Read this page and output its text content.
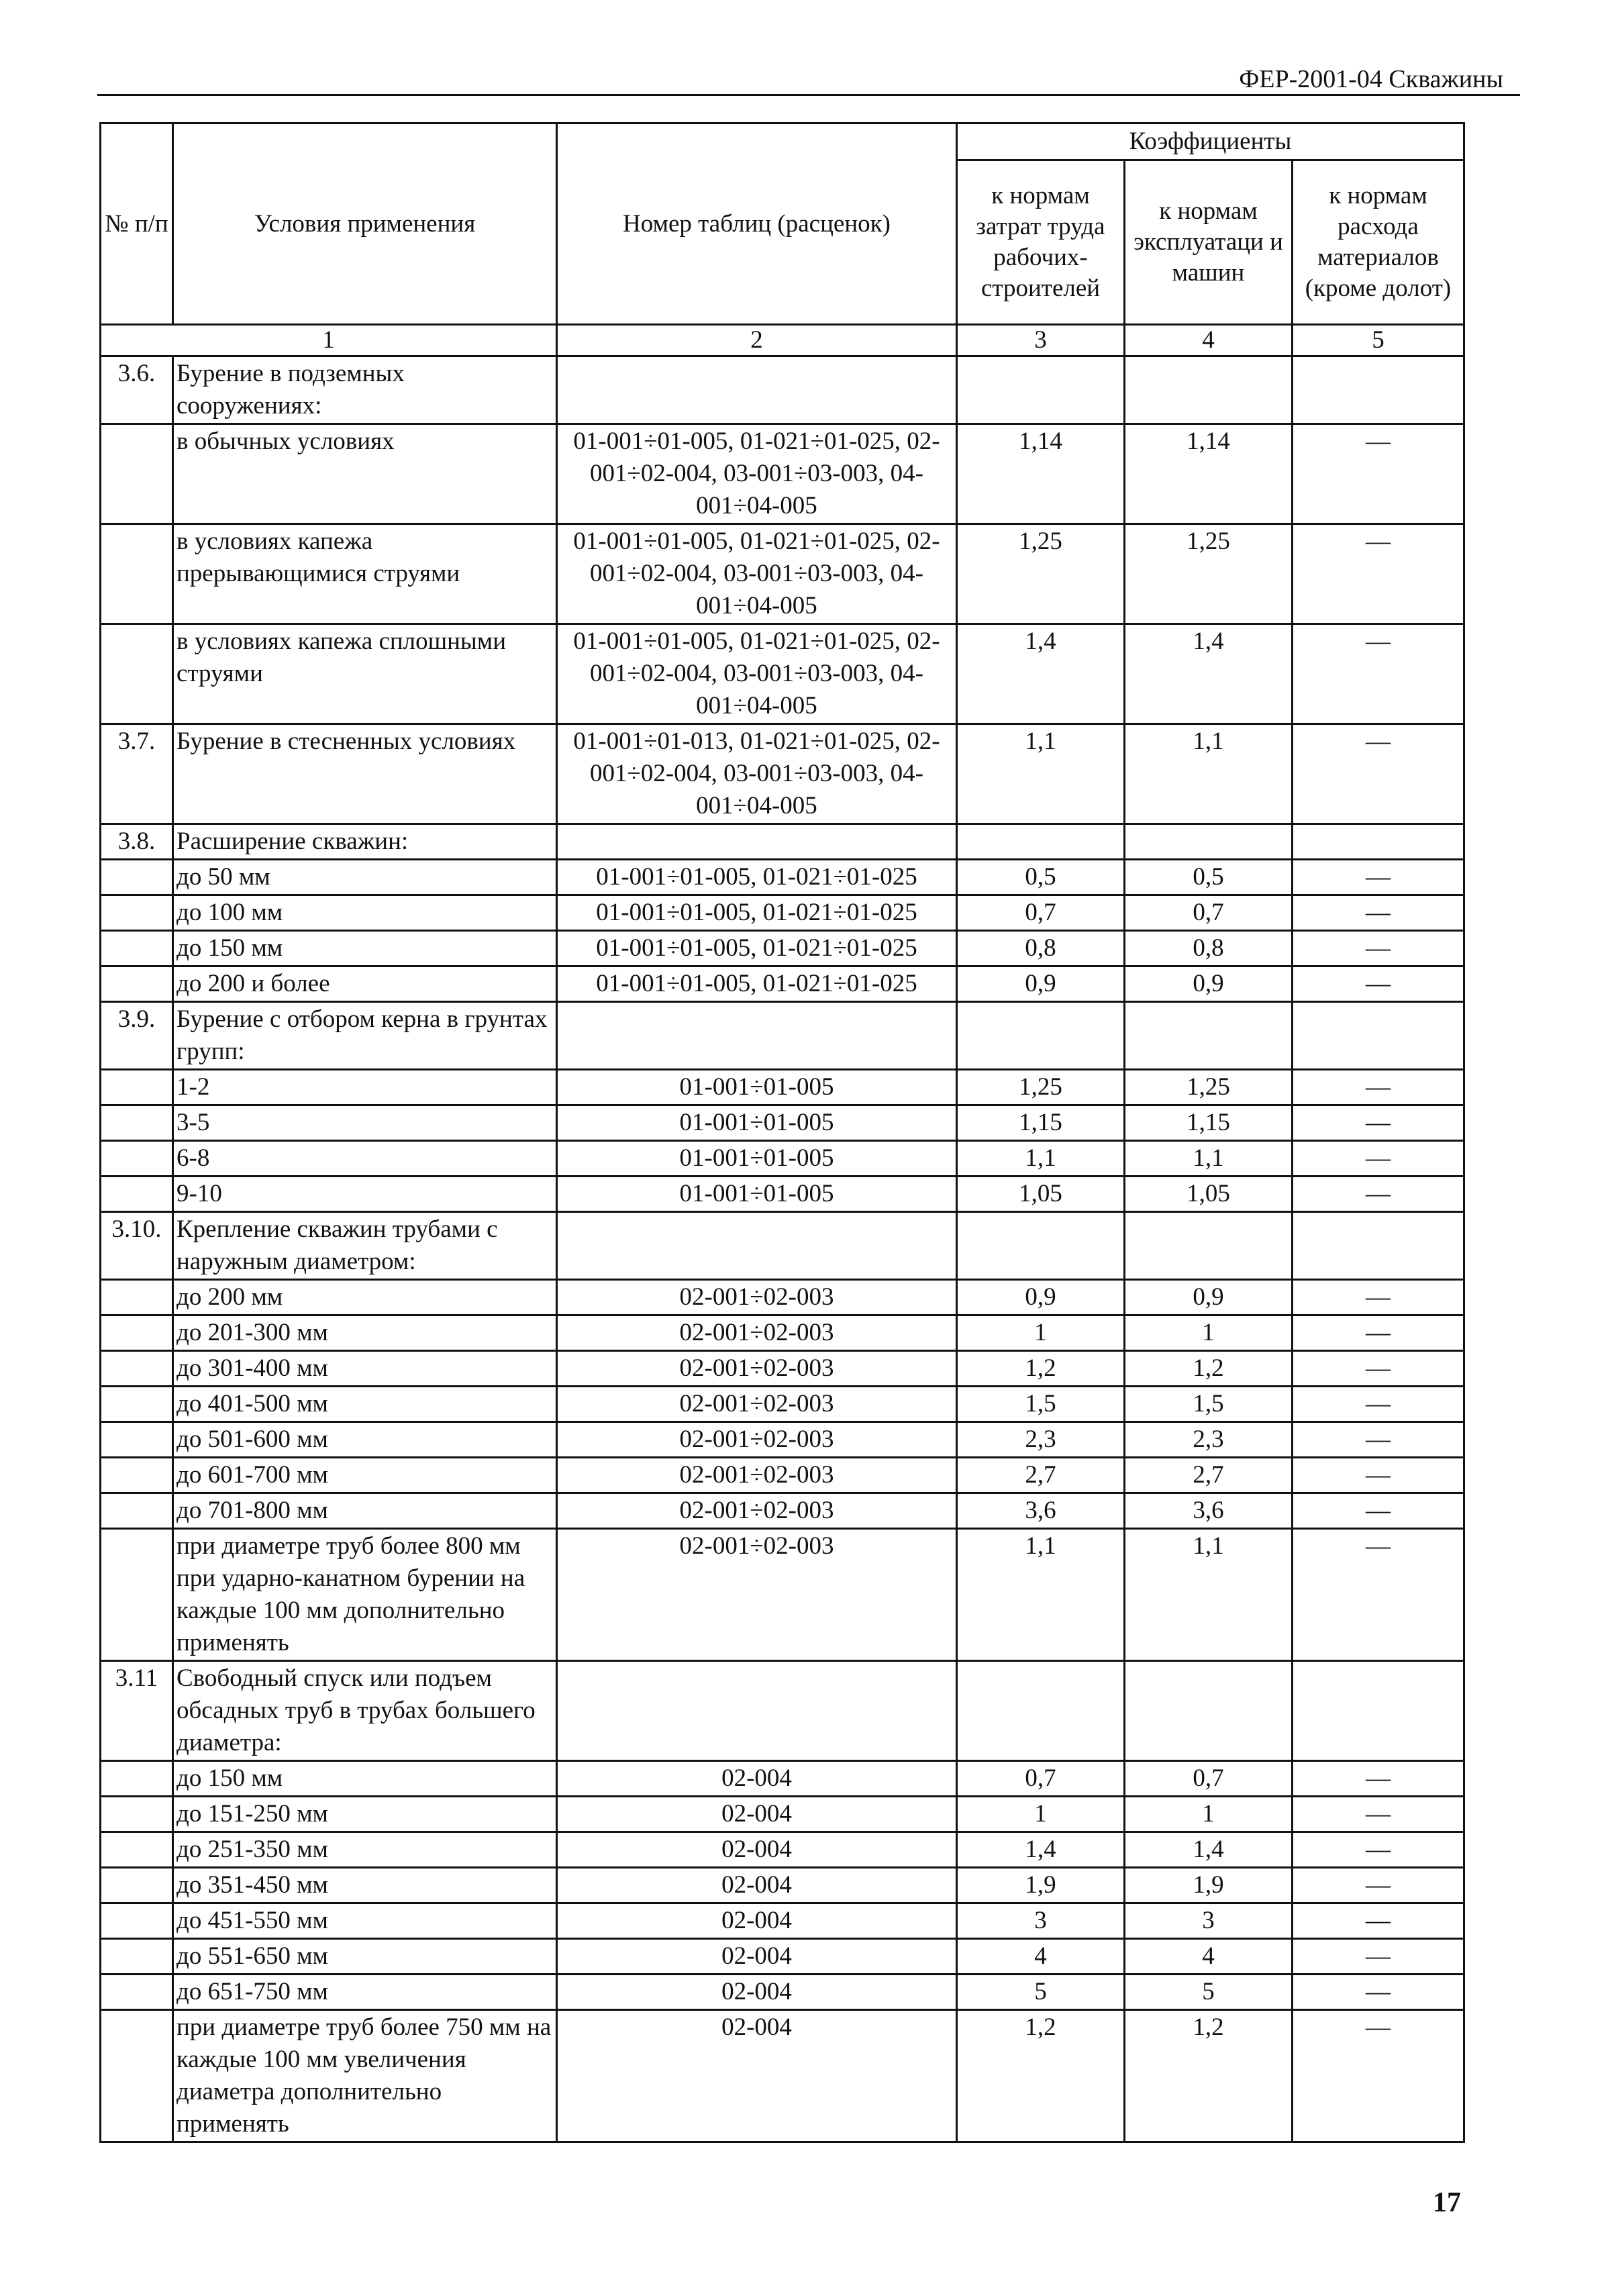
ФЕР-2001-04 Скважины
№ п/п	Условия применения	Номер таблиц (расценок)	Коэффициенты		
			к нормам затрат труда рабочих-строителей	к нормам эксплуатаци и машин	к нормам расхода материалов (кроме долот)
1		2	3	4	5
3.6.	Бурение в подземных сооружениях:				
	в обычных условиях	01-001÷01-005, 01-021÷01-025, 02-001÷02-004, 03-001÷03-003, 04-001÷04-005	1,14	1,14	—
	в условиях капежа прерывающимися струями	01-001÷01-005, 01-021÷01-025, 02-001÷02-004, 03-001÷03-003, 04-001÷04-005	1,25	1,25	—
	в условиях капежа сплошными струями	01-001÷01-005, 01-021÷01-025, 02-001÷02-004, 03-001÷03-003, 04-001÷04-005	1,4	1,4	—
3.7.	Бурение в стесненных условиях	01-001÷01-013, 01-021÷01-025, 02-001÷02-004, 03-001÷03-003, 04-001÷04-005	1,1	1,1	—
3.8.	Расширение скважин:				
	до 50 мм	01-001÷01-005, 01-021÷01-025	0,5	0,5	—
	до 100 мм	01-001÷01-005, 01-021÷01-025	0,7	0,7	—
	до 150 мм	01-001÷01-005, 01-021÷01-025	0,8	0,8	—
	до 200 и более	01-001÷01-005, 01-021÷01-025	0,9	0,9	—
3.9.	Бурение с отбором керна в грунтах групп:				
	1-2	01-001÷01-005	1,25	1,25	—
	3-5	01-001÷01-005	1,15	1,15	—
	6-8	01-001÷01-005	1,1	1,1	—
	9-10	01-001÷01-005	1,05	1,05	—
3.10.	Крепление скважин трубами с наружным диаметром:				
	до 200 мм	02-001÷02-003	0,9	0,9	—
	до 201-300 мм	02-001÷02-003	1	1	—
	до 301-400 мм	02-001÷02-003	1,2	1,2	—
	до 401-500 мм	02-001÷02-003	1,5	1,5	—
	до 501-600 мм	02-001÷02-003	2,3	2,3	—
	до 601-700 мм	02-001÷02-003	2,7	2,7	—
	до 701-800 мм	02-001÷02-003	3,6	3,6	—
	при диаметре труб более 800 мм при ударно-канатном бурении на каждые 100 мм дополнительно применять	02-001÷02-003	1,1	1,1	—
3.11	Свободный спуск или подъем обсадных труб в трубах большего диаметра:				
	до 150 мм	02-004	0,7	0,7	—
	до 151-250 мм	02-004	1	1	—
	до 251-350 мм	02-004	1,4	1,4	—
	до 351-450 мм	02-004	1,9	1,9	—
	до 451-550 мм	02-004	3	3	—
	до 551-650 мм	02-004	4	4	—
	до 651-750 мм	02-004	5	5	—
	при диаметре труб более 750 мм на каждые 100 мм увеличения диаметра дополнительно применять	02-004	1,2	1,2	—
17
